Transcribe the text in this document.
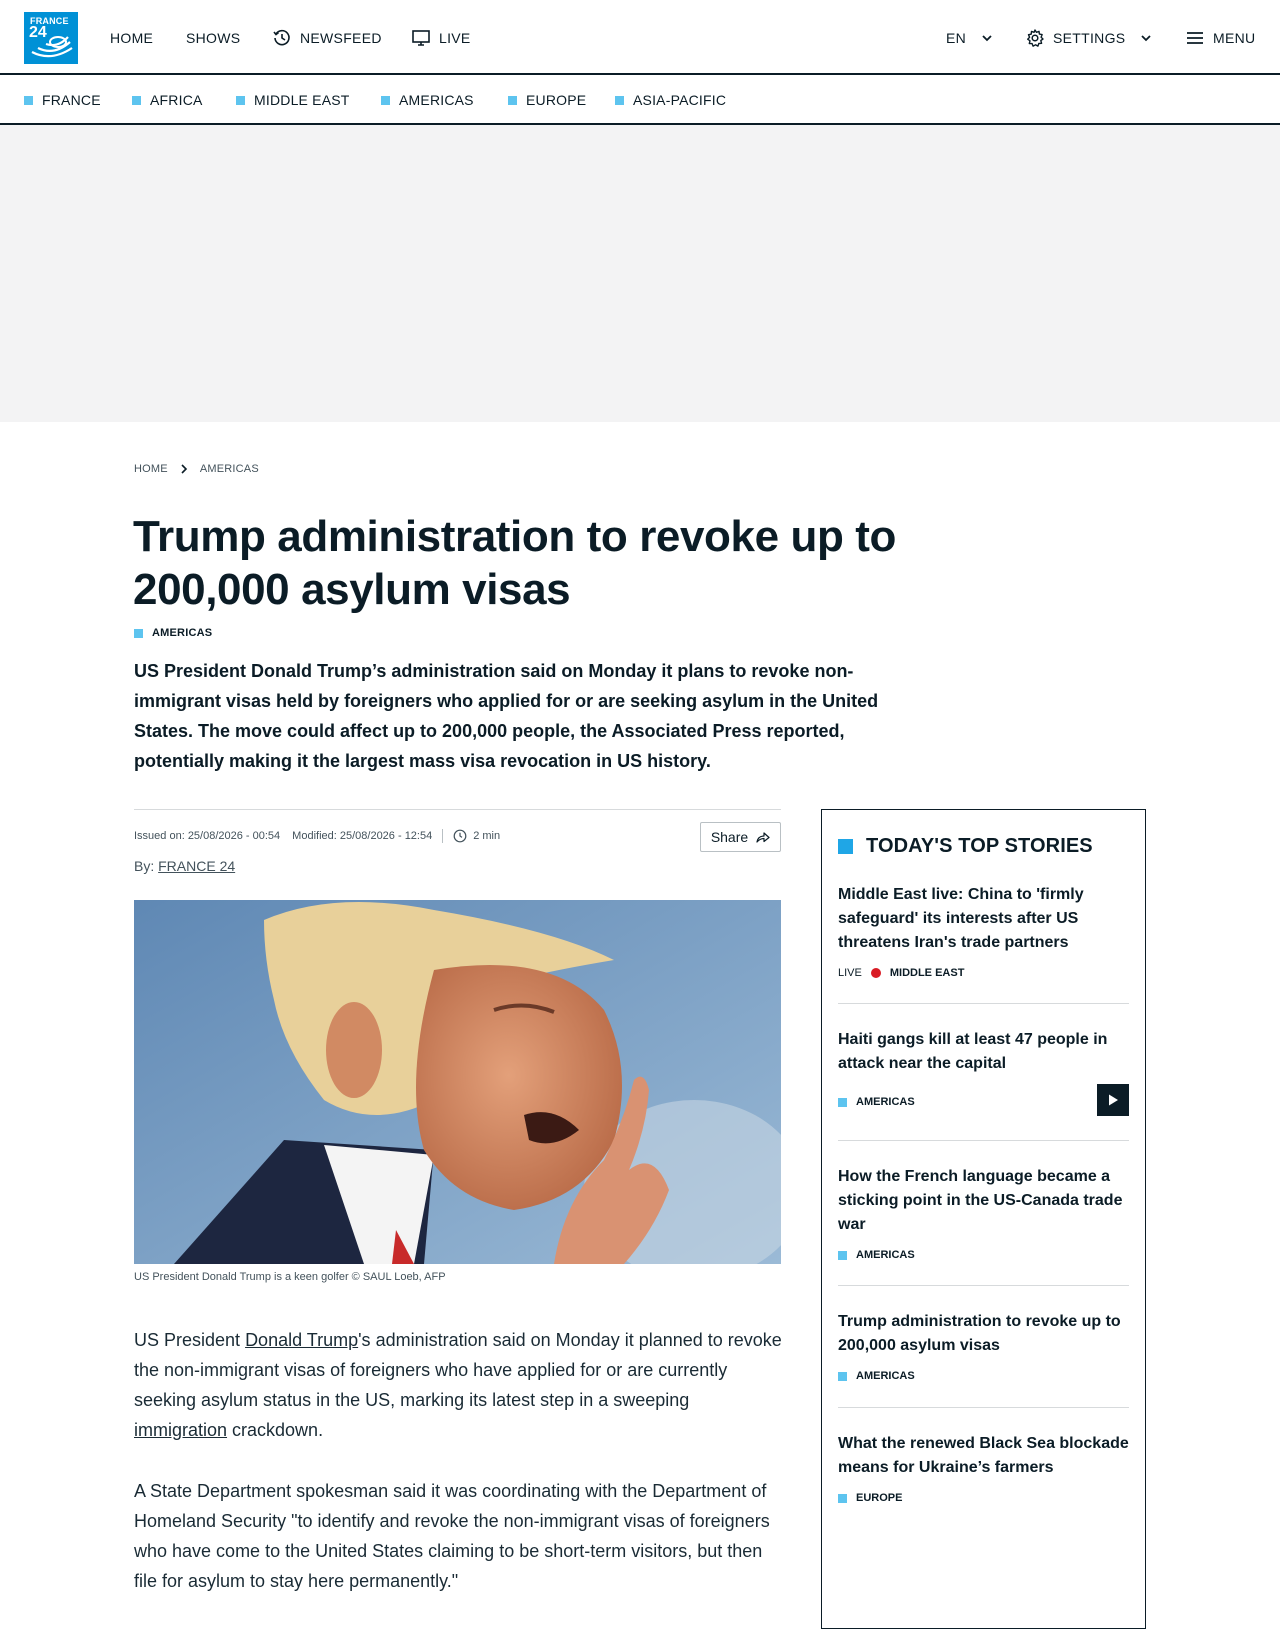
FRANCE
24	HOME SHOWS	NEWSFEED	LIVE	EN	SETTINGS	MENU
FRANCE	AFRICA	MIDDLE EAST	AMERICAS	EUROPE	ASIA-PACIFIC
HOME	AMERICAS
Trump administration to revoke up to 200,000 asylum visas
AMERICAS

US President Donald Trump’s administration said on Monday it plans to revoke non-immigrant visas held by foreigners who applied for or are seeking asylum in the United States. The move could affect up to 200,000 people, the Associated Press reported, potentially making it the largest mass visa revocation in US history.

Issued on: 25/08/2026 - 00:54 Modified: 25/08/2026 - 12:54	2 min	Share
By: FRANCE 24
US President Donald Trump is a keen golfer © SAUL Loeb, AFP

US President Donald Trump's administration said on Monday it planned to revoke the non-immigrant visas of foreigners who have applied for or are currently seeking asylum status in the US, marking its latest step in a sweeping immigration crackdown.

A State Department spokesman said it was coordinating with the Department of Homeland Security "to identify and revoke the non-immigrant visas of foreigners who have come to the United States claiming to be short-term visitors, but then file for asylum to stay here permanently."

TODAY'S TOP STORIES
Middle East live: China to 'firmly safeguard' its interests after US threatens Iran's trade partners
LIVE	MIDDLE EAST
Haiti gangs kill at least 47 people in attack near the capital
AMERICAS
How the French language became a sticking point in the US-Canada trade war
AMERICAS
Trump administration to revoke up to 200,000 asylum visas
AMERICAS
What the renewed Black Sea blockade means for Ukraine’s farmers
EUROPE
